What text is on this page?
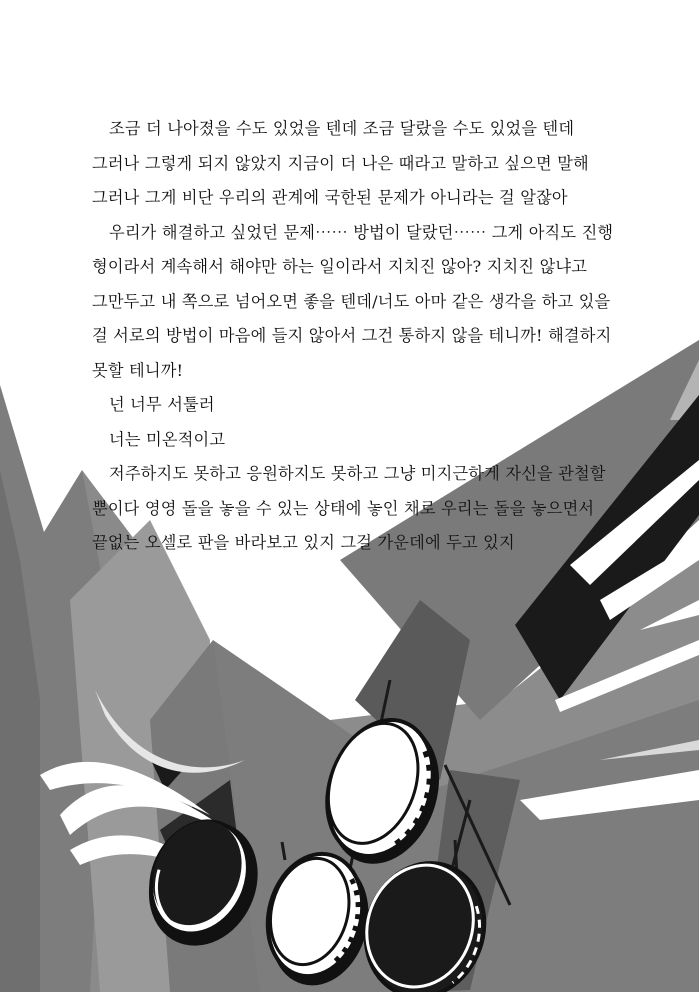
조금 더 나아졌을 수도 있었을 텐데 조금 달랐을 수도 있었을 텐데
그러나 그렇게 되지 않았지 지금이 더 나은 때라고 말하고 싶으면 말해
그러나 그게 비단 우리의 관계에 국한된 문제가 아니라는 걸 알잖아
우리가 해결하고 싶었던 문제⋯⋯ 방법이 달랐던⋯⋯ 그게 아직도 진행
형이라서 계속해서 해야만 하는 일이라서 지치진 않아? 지치진 않냐고
그만두고 내 쪽으로 넘어오면 좋을 텐데/너도 아마 같은 생각을 하고 있을
걸 서로의 방법이 마음에 들지 않아서 그건 통하지 않을 테니까! 해결하지
못할 테니까!
넌 너무 서툴러
너는 미온적이고
저주하지도 못하고 응원하지도 못하고 그냥 미지근하게 자신을 관철할
뿐이다 영영 돌을 놓을 수 있는 상태에 놓인 채로 우리는 돌을 놓으면서
끝없는 오셀로 판을 바라보고 있지 그걸 가운데에 두고 있지
